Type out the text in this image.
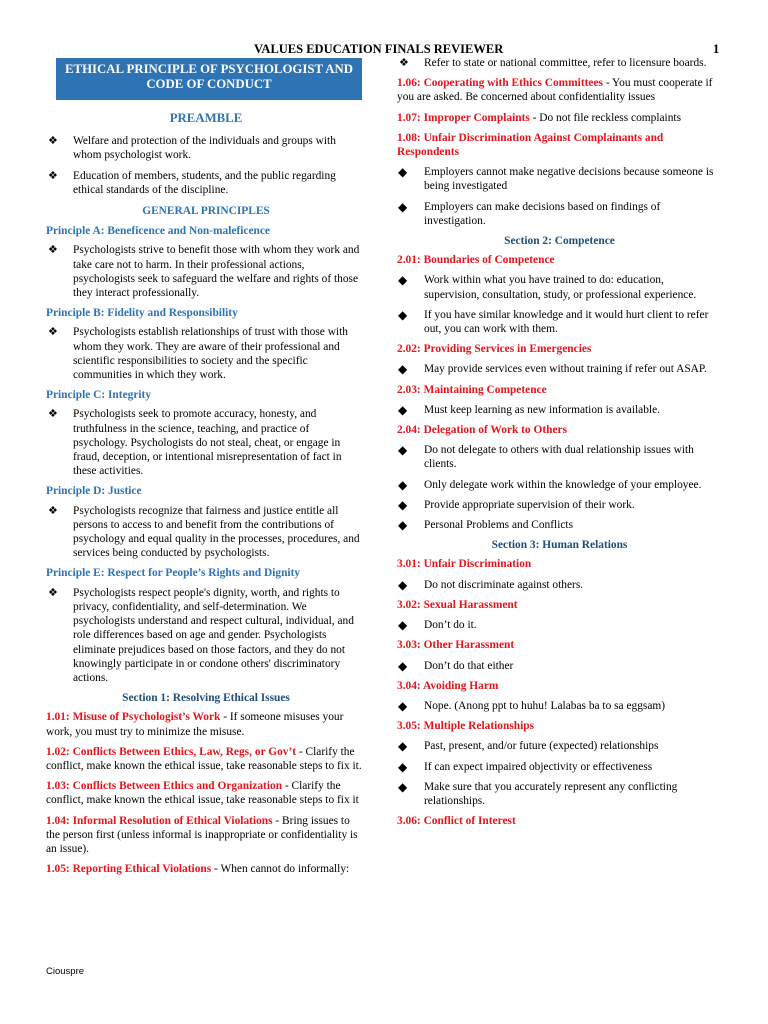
VALUES EDUCATION FINALS REVIEWER	1
ETHICAL PRINCIPLE OF PSYCHOLOGIST AND CODE OF CONDUCT
PREAMBLE
❖ Welfare and protection of the individuals and groups with whom psychologist work.
❖ Education of members, students, and the public regarding ethical standards of the discipline.
GENERAL PRINCIPLES
Principle A: Beneficence and Non-maleficence
❖ Psychologists strive to benefit those with whom they work and take care not to harm. In their professional actions, psychologists seek to safeguard the welfare and rights of those they interact professionally.
Principle B: Fidelity and Responsibility
❖ Psychologists establish relationships of trust with those with whom they work. They are aware of their professional and scientific responsibilities to society and the specific communities in which they work.
Principle C: Integrity
❖ Psychologists seek to promote accuracy, honesty, and truthfulness in the science, teaching, and practice of psychology. Psychologists do not steal, cheat, or engage in fraud, deception, or intentional misrepresentation of fact in these activities.
Principle D: Justice
❖ Psychologists recognize that fairness and justice entitle all persons to access to and benefit from the contributions of psychology and equal quality in the processes, procedures, and services being conducted by psychologists.
Principle E: Respect for People’s Rights and Dignity
❖ Psychologists respect people's dignity, worth, and rights to privacy, confidentiality, and self-determination. We psychologists understand and respect cultural, individual, and role differences based on age and gender. Psychologists eliminate prejudices based on those factors, and they do not knowingly participate in or condone others' discriminatory actions.
Section 1: Resolving Ethical Issues
1.01: Misuse of Psychologist’s Work - If someone misuses your work, you must try to minimize the misuse.
1.02: Conflicts Between Ethics, Law, Regs, or Gov’t - Clarify the conflict, make known the ethical issue, take reasonable steps to fix it.
1.03: Conflicts Between Ethics and Organization - Clarify the conflict, make known the ethical issue, take reasonable steps to fix it
1.04: Informal Resolution of Ethical Violations - Bring issues to the person first (unless informal is inappropriate or confidentiality is an issue).
1.05: Reporting Ethical Violations - When cannot do informally:
❖ Refer to state or national committee, refer to licensure boards.
1.06: Cooperating with Ethics Committees - You must cooperate if you are asked. Be concerned about confidentiality issues
1.07: Improper Complaints - Do not file reckless complaints
1.08: Unfair Discrimination Against Complainants and Respondents
◆ Employers cannot make negative decisions because someone is being investigated
◆ Employers can make decisions based on findings of investigation.
Section 2: Competence
2.01: Boundaries of Competence
◆ Work within what you have trained to do: education, supervision, consultation, study, or professional experience.
◆ If you have similar knowledge and it would hurt client to refer out, you can work with them.
2.02: Providing Services in Emergencies
◆ May provide services even without training if refer out ASAP.
2.03: Maintaining Competence
◆ Must keep learning as new information is available.
2.04: Delegation of Work to Others
◆ Do not delegate to others with dual relationship issues with clients.
◆ Only delegate work within the knowledge of your employee.
◆ Provide appropriate supervision of their work.
◆ Personal Problems and Conflicts
Section 3: Human Relations
3.01: Unfair Discrimination
◆ Do not discriminate against others.
3.02: Sexual Harassment
◆ Don’t do it.
3.03: Other Harassment
◆ Don’t do that either
3.04: Avoiding Harm
◆ Nope. (Anong ppt to huhu! Lalabas ba to sa eggsam)
3.05: Multiple Relationships
◆ Past, present, and/or future (expected) relationships
◆ If can expect impaired objectivity or effectiveness
◆ Make sure that you accurately represent any conflicting relationships.
3.06: Conflict of Interest
Ciouspre
